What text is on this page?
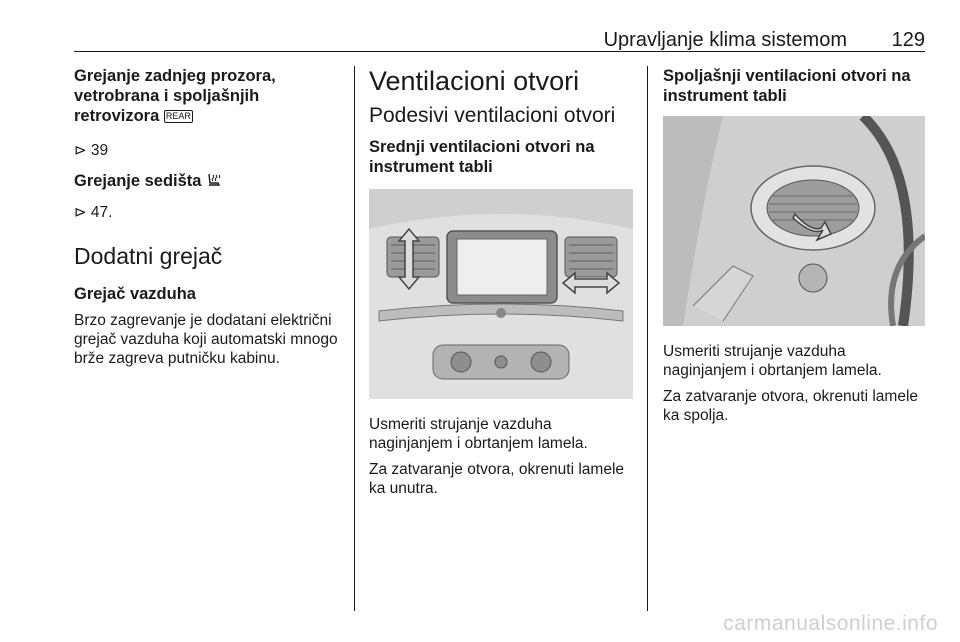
Upravljanje klima sistemom 129

Grejanje zadnjeg prozora, vetrobrana i spoljašnjih retrovizora REAR

⊳ 39

Grejanje sedišta

⊳ 47.

Dodatni grejač

Grejač vazduha

Brzo zagrevanje je dodatani električni grejač vazduha koji automatski mnogo brže zagreva putničku kabinu.

Ventilacioni otvori

Podesivi ventilacioni otvori

Srednji ventilacioni otvori na instrument tabli

Usmeriti strujanje vazduha naginjanjem i obrtanjem lamela.

Za zatvaranje otvora, okrenuti lamele ka unutra.

Spoljašnji ventilacioni otvori na instrument tabli

Usmeriti strujanje vazduha naginjanjem i obrtanjem lamela.

Za zatvaranje otvora, okrenuti lamele ka spolja.

carmanualsonline.info
